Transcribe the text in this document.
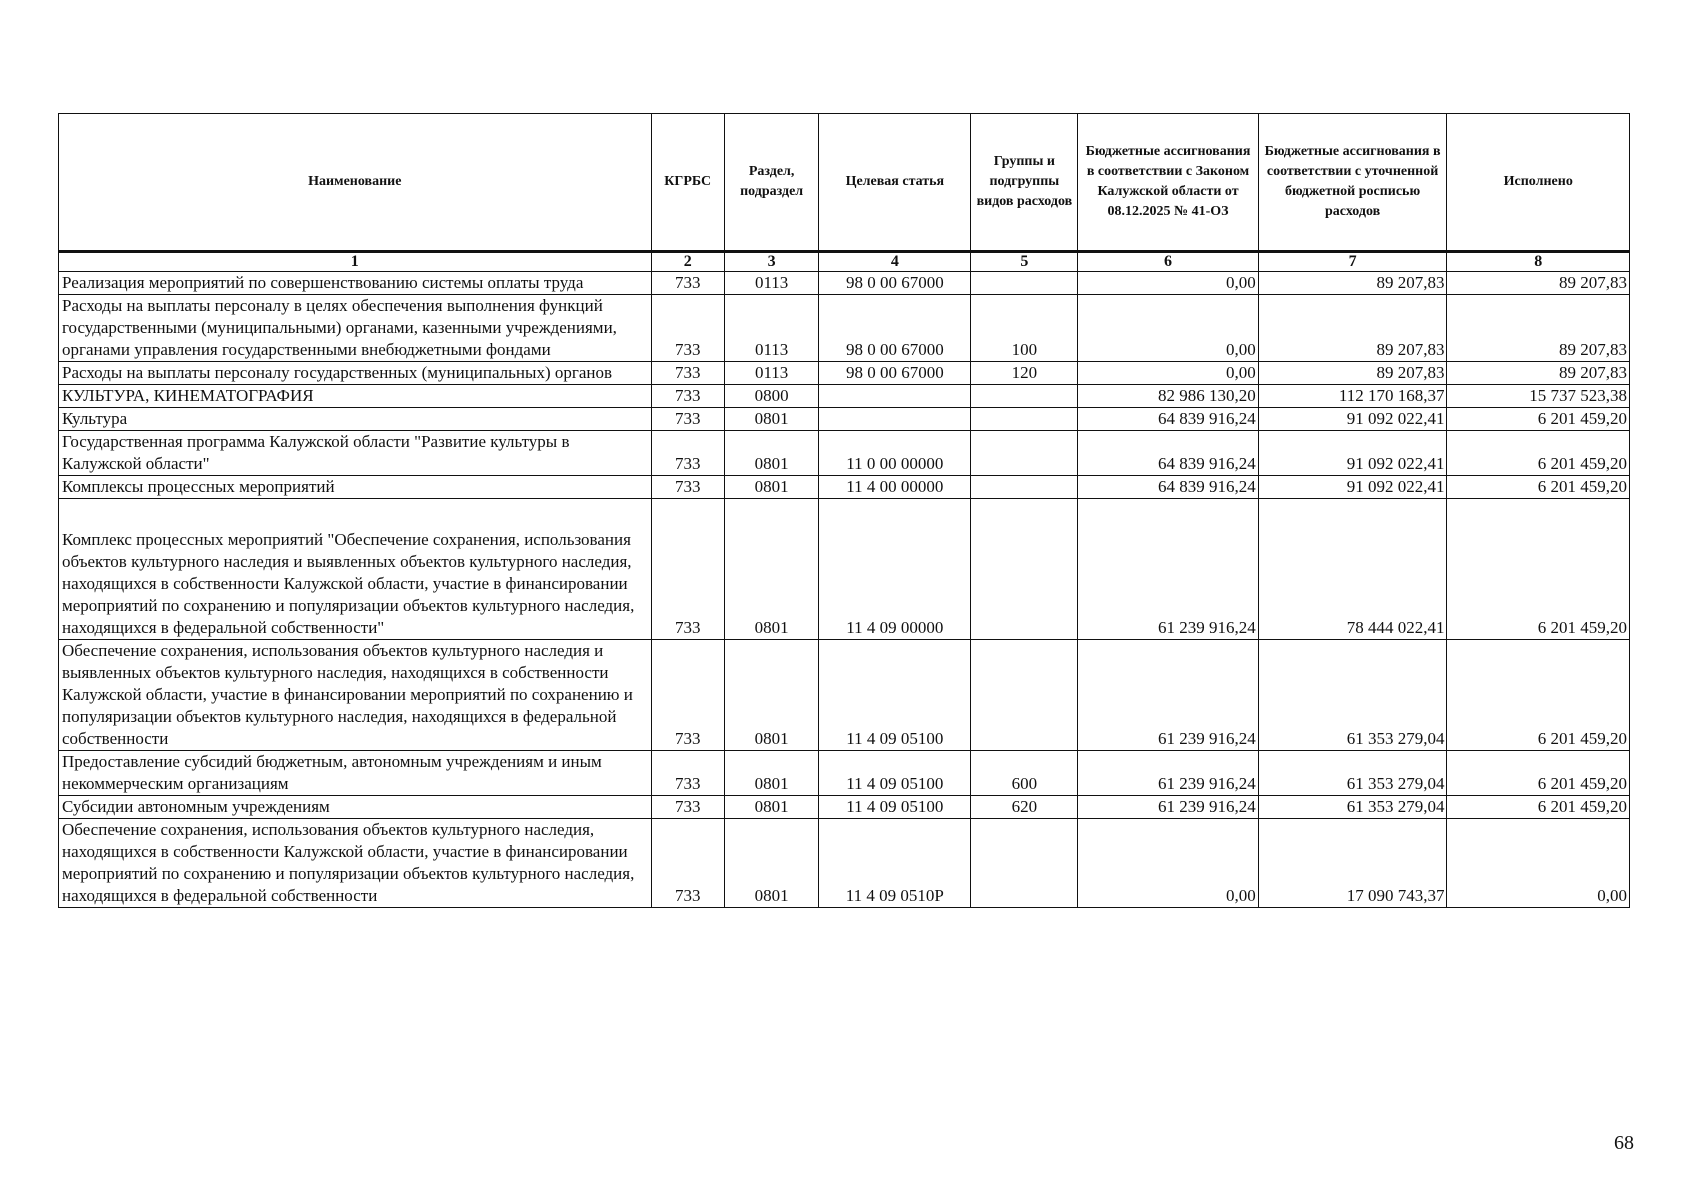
Наименование	КГРБС	Раздел, подраздел	Целевая статья	Группы и подгруппы видов расходов	Бюджетные ассигнования в соответствии с Законом Калужской области от 08.12.2025 № 41-ОЗ	Бюджетные ассигнования в соответствии с уточненной бюджетной росписью расходов	Исполнено
1	2	3	4	5	6	7	8
Реализация мероприятий по совершенствованию системы оплаты труда	733	0113	98 0 00 67000		0,00	89 207,83	89 207,83
Расходы на выплаты персоналу в целях обеспечения выполнения функций государственными (муниципальными) органами, казенными учреждениями, органами управления государственными внебюджетными фондами	733	0113	98 0 00 67000	100	0,00	89 207,83	89 207,83
Расходы на выплаты персоналу государственных (муниципальных) органов	733	0113	98 0 00 67000	120	0,00	89 207,83	89 207,83
КУЛЬТУРА, КИНЕМАТОГРАФИЯ	733	0800			82 986 130,20	112 170 168,37	15 737 523,38
Культура	733	0801			64 839 916,24	91 092 022,41	6 201 459,20
Государственная программа Калужской области "Развитие культуры в Калужской области"	733	0801	11 0 00 00000		64 839 916,24	91 092 022,41	6 201 459,20
Комплексы процессных мероприятий	733	0801	11 4 00 00000		64 839 916,24	91 092 022,41	6 201 459,20
Комплекс процессных мероприятий "Обеспечение сохранения, использования объектов культурного наследия и выявленных объектов культурного наследия, находящихся в собственности Калужской области, участие в финансировании мероприятий по сохранению и популяризации объектов культурного наследия, находящихся в федеральной собственности"	733	0801	11 4 09 00000		61 239 916,24	78 444 022,41	6 201 459,20
Обеспечение сохранения, использования объектов культурного наследия и выявленных объектов культурного наследия, находящихся в собственности Калужской области, участие в финансировании мероприятий по сохранению и популяризации объектов культурного наследия, находящихся в федеральной собственности	733	0801	11 4 09 05100		61 239 916,24	61 353 279,04	6 201 459,20
Предоставление субсидий бюджетным, автономным учреждениям и иным некоммерческим организациям	733	0801	11 4 09 05100	600	61 239 916,24	61 353 279,04	6 201 459,20
Субсидии автономным учреждениям	733	0801	11 4 09 05100	620	61 239 916,24	61 353 279,04	6 201 459,20
Обеспечение сохранения, использования объектов культурного наследия, находящихся в собственности Калужской области, участие в финансировании мероприятий по сохранению и популяризации объектов культурного наследия, находящихся в федеральной собственности	733	0801	11 4 09 0510Р		0,00	17 090 743,37	0,00
68
